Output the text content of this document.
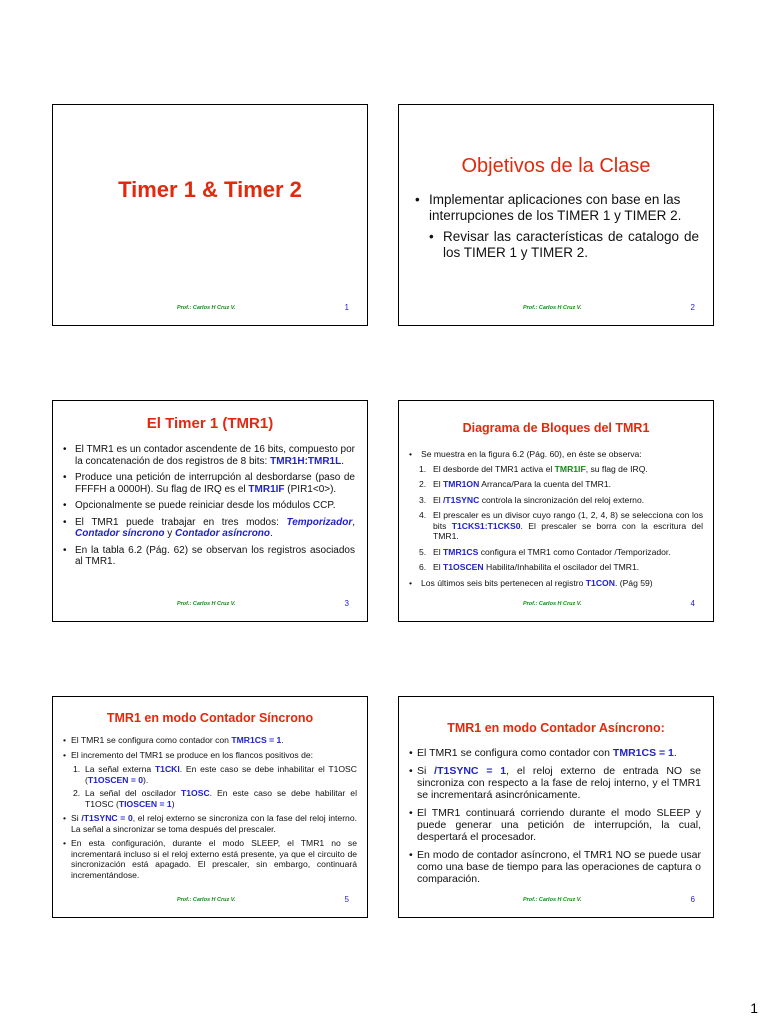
Timer 1 & Timer 2
Prof.: Carlos H Cruz V.	1
Objetivos de la Clase
• Implementar aplicaciones con base en las interrupciones de los TIMER 1 y TIMER 2.
• Revisar las características de catalogo de los TIMER 1 y TIMER 2.
Prof.: Carlos H Cruz V.	2
El Timer 1 (TMR1)
• El TMR1 es un contador ascendente de 16 bits, compuesto por la concatenación de dos registros de 8 bits: TMR1H:TMR1L.
• Produce una petición de interrupción al desbordarse (paso de FFFFH a 0000H). Su flag de IRQ es el TMR1IF (PIR1<0>).
• Opcionalmente se puede reiniciar desde los módulos CCP.
• El TMR1 puede trabajar en tres modos: Temporizador, Contador síncrono y Contador asíncrono.
• En la tabla 6.2 (Pág. 62) se observan los registros asociados al TMR1.
Prof.: Carlos H Cruz V.	3
Diagrama de Bloques del TMR1
• Se muestra en la figura 6.2 (Pág. 60), en éste se observa:
1. El desborde del TMR1 activa el TMR1IF, su flag de IRQ.
2. El TMR1ON Arranca/Para la cuenta del TMR1.
3. El /T1SYNC controla la sincronización del reloj externo.
4. El prescaler es un divisor cuyo rango (1, 2, 4, 8) se selecciona con los bits T1CKS1:T1CKS0. El prescaler se borra con la escritura del TMR1.
5. El TMR1CS configura el TMR1 como Contador /Temporizador.
6. El T1OSCEN Habilita/Inhabilita el oscilador del TMR1.
• Los últimos seis bits pertenecen al registro T1CON. (Pág 59)
Prof.: Carlos H Cruz V.	4
TMR1 en modo Contador Síncrono
• El TMR1 se configura como contador con TMR1CS = 1.
• El incremento del TMR1 se produce en los flancos positivos de:
1. La señal externa T1CKI. En este caso se debe inhabilitar el T1OSC (T1OSCEN = 0).
2. La señal del oscilador T1OSC. En este caso se debe habilitar el T1OSC (TIOSCEN = 1)
• Si /T1SYNC = 0, el reloj externo se sincroniza con la fase del reloj interno. La señal a sincronizar se toma después del prescaler.
• En esta configuración, durante el modo SLEEP, el TMR1 no se incrementará incluso si el reloj externo está presente, ya que el circuito de sincronización está apagado. El prescaler, sin embargo, continuará incrementándose.
Prof.: Carlos H Cruz V.	5
TMR1 en modo Contador Asíncrono:
• El TMR1 se configura como contador con TMR1CS = 1.
• Si /T1SYNC = 1, el reloj externo de entrada NO se sincroniza con respecto a la fase de reloj interno, y el TMR1 se incrementará asincrónicamente.
• El TMR1 continuará corriendo durante el modo SLEEP y puede generar una petición de interrupción, la cual, despertará el procesador.
• En modo de contador asíncrono, el TMR1 NO se puede usar como una base de tiempo para las operaciones de captura o comparación.
Prof.: Carlos H Cruz V.	6
1
